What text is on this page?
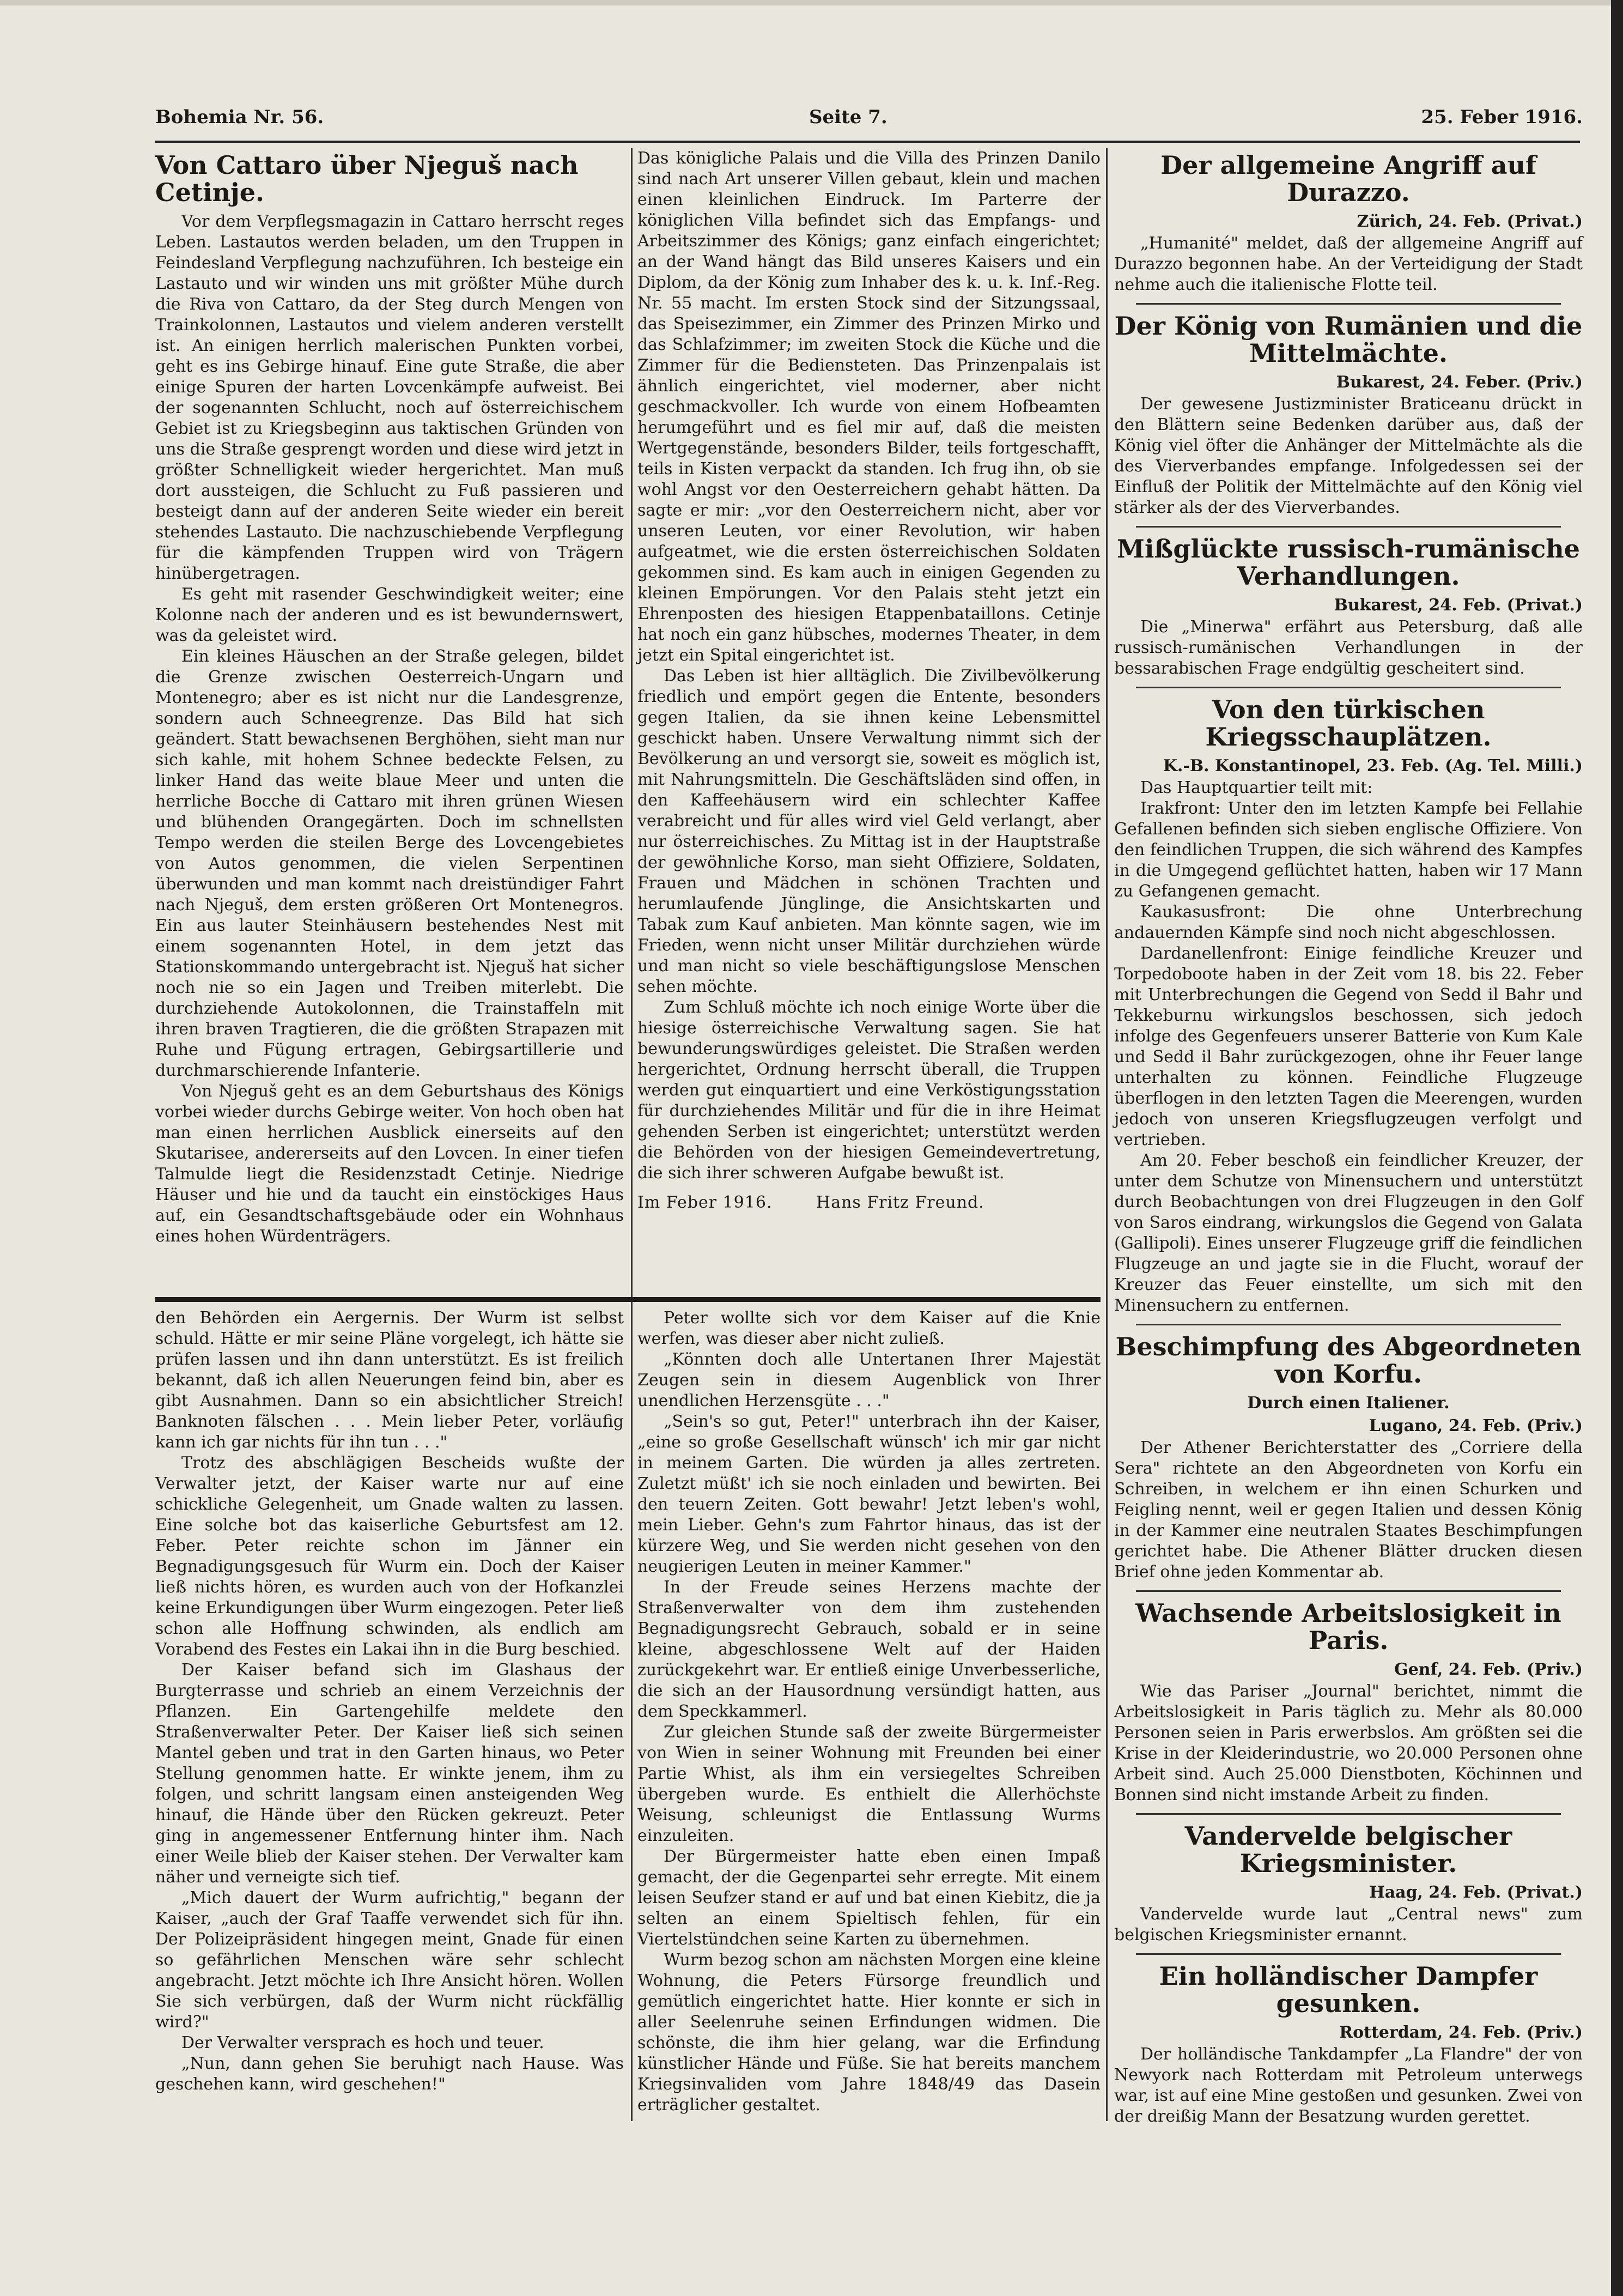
Bohemia Nr. 56.	Seite 7.	25. Feber 1916.
Von Cattaro über Njeguš nach Cetinje.

Vor dem Verpflegsmagazin in Cattaro herrscht reges Leben. Lastautos werden beladen, um den Truppen in Feindesland Verpflegung nachzuführen. Ich besteige ein Lastauto und wir winden uns mit größter Mühe durch die Riva von Cattaro, da der Steg durch Mengen von Trainkolonnen, Lastautos und vielem anderen verstellt ist. An einigen herrlich malerischen Punkten vorbei, geht es ins Gebirge hinauf. Eine gute Straße, die aber einige Spuren der harten Lovcenkämpfe aufweist. Bei der sogenannten Schlucht, noch auf österreichischem Gebiet ist zu Kriegsbeginn aus taktischen Gründen von uns die Straße gesprengt worden und diese wird jetzt in größter Schnelligkeit wieder hergerichtet. Man muß dort aussteigen, die Schlucht zu Fuß passieren und besteigt dann auf der anderen Seite wieder ein bereit stehendes Lastauto. Die nachzuschiebende Verpflegung für die kämpfenden Truppen wird von Trägern hinübergetragen.

Es geht mit rasender Geschwindigkeit weiter; eine Kolonne nach der anderen und es ist bewundernswert, was da geleistet wird.

Ein kleines Häuschen an der Straße gelegen, bildet die Grenze zwischen Oesterreich-Ungarn und Montenegro; aber es ist nicht nur die Landesgrenze, sondern auch Schneegrenze. Das Bild hat sich geändert. Statt bewachsenen Berghöhen, sieht man nur sich kahle, mit hohem Schnee bedeckte Felsen, zu linker Hand das weite blaue Meer und unten die herrliche Bocche di Cattaro mit ihren grünen Wiesen und blühenden Orangegärten. Doch im schnellsten Tempo werden die steilen Berge des Lovcengebietes von Autos genommen, die vielen Serpentinen überwunden und man kommt nach dreistündiger Fahrt nach Njeguš, dem ersten größeren Ort Montenegros. Ein aus lauter Steinhäusern bestehendes Nest mit einem sogenannten Hotel, in dem jetzt das Stationskommando untergebracht ist. Njeguš hat sicher noch nie so ein Jagen und Treiben miterlebt. Die durchziehende Autokolonnen, die Trainstaffeln mit ihren braven Tragtieren, die die größten Strapazen mit Ruhe und Fügung ertragen, Gebirgsartillerie und durchmarschierende Infanterie.

Von Njeguš geht es an dem Geburtshaus des Königs vorbei wieder durchs Gebirge weiter. Von hoch oben hat man einen herrlichen Ausblick einerseits auf den Skutarisee, andererseits auf den Lovcen. In einer tiefen Talmulde liegt die Residenzstadt Cetinje. Niedrige Häuser und hie und da taucht ein einstöckiges Haus auf, ein Gesandtschaftsgebäude oder ein Wohnhaus eines hohen Würdenträgers.

Das königliche Palais und die Villa des Prinzen Danilo sind nach Art unserer Villen gebaut, klein und machen einen kleinlichen Eindruck. Im Parterre der königlichen Villa befindet sich das Empfangs- und Arbeitszimmer des Königs; ganz einfach eingerichtet; an der Wand hängt das Bild unseres Kaisers und ein Diplom, da der König zum Inhaber des k. u. k. Inf.-Reg. Nr. 55 macht. Im ersten Stock sind der Sitzungssaal, das Speisezimmer, ein Zimmer des Prinzen Mirko und das Schlafzimmer; im zweiten Stock die Küche und die Zimmer für die Bediensteten. Das Prinzenpalais ist ähnlich eingerichtet, viel moderner, aber nicht geschmackvoller. Ich wurde von einem Hofbeamten herumgeführt und es fiel mir auf, daß die meisten Wertgegenstände, besonders Bilder, teils fortgeschafft, teils in Kisten verpackt da standen. Ich frug ihn, ob sie wohl Angst vor den Oesterreichern gehabt hätten. Da sagte er mir: „vor den Oesterreichern nicht, aber vor unseren Leuten, vor einer Revolution, wir haben aufgeatmet, wie die ersten österreichischen Soldaten gekommen sind. Es kam auch in einigen Gegenden zu kleinen Empörungen. Vor den Palais steht jetzt ein Ehrenposten des hiesigen Etappenbataillons. Cetinje hat noch ein ganz hübsches, modernes Theater, in dem jetzt ein Spital eingerichtet ist.

Das Leben ist hier alltäglich. Die Zivilbevölkerung friedlich und empört gegen die Entente, besonders gegen Italien, da sie ihnen keine Lebensmittel geschickt haben. Unsere Verwaltung nimmt sich der Bevölkerung an und versorgt sie, soweit es möglich ist, mit Nahrungsmitteln. Die Geschäftsläden sind offen, in den Kaffeehäusern wird ein schlechter Kaffee verabreicht und für alles wird viel Geld verlangt, aber nur österreichisches. Zu Mittag ist in der Hauptstraße der gewöhnliche Korso, man sieht Offiziere, Soldaten, Frauen und Mädchen in schönen Trachten und herumlaufende Jünglinge, die Ansichtskarten und Tabak zum Kauf anbieten. Man könnte sagen, wie im Frieden, wenn nicht unser Militär durchziehen würde und man nicht so viele beschäftigungslose Menschen sehen möchte.

Zum Schluß möchte ich noch einige Worte über die hiesige österreichische Verwaltung sagen. Sie hat bewunderungswürdiges geleistet. Die Straßen werden hergerichtet, Ordnung herrscht überall, die Truppen werden gut einquartiert und eine Verköstigungsstation für durchziehendes Militär und für die in ihre Heimat gehenden Serben ist eingerichtet; unterstützt werden die Behörden von der hiesigen Gemeindevertretung, die sich ihrer schweren Aufgabe bewußt ist.

Im Feber 1916.	Hans Fritz Freund.

den Behörden ein Aergernis. Der Wurm ist selbst schuld. Hätte er mir seine Pläne vorgelegt, ich hätte sie prüfen lassen und ihn dann unterstützt. Es ist freilich bekannt, daß ich allen Neuerungen feind bin, aber es gibt Ausnahmen. Dann so ein absichtlicher Streich! Banknoten fälschen . . . Mein lieber Peter, vorläufig kann ich gar nichts für ihn tun . . ."

Trotz des abschlägigen Bescheids wußte der Verwalter jetzt, der Kaiser warte nur auf eine schickliche Gelegenheit, um Gnade walten zu lassen. Eine solche bot das kaiserliche Geburtsfest am 12. Feber. Peter reichte schon im Jänner ein Begnadigungsgesuch für Wurm ein. Doch der Kaiser ließ nichts hören, es wurden auch von der Hofkanzlei keine Erkundigungen über Wurm eingezogen. Peter ließ schon alle Hoffnung schwinden, als endlich am Vorabend des Festes ein Lakai ihn in die Burg beschied.

Der Kaiser befand sich im Glashaus der Burgterrasse und schrieb an einem Verzeichnis der Pflanzen. Ein Gartengehilfe meldete den Straßenverwalter Peter. Der Kaiser ließ sich seinen Mantel geben und trat in den Garten hinaus, wo Peter Stellung genommen hatte. Er winkte jenem, ihm zu folgen, und schritt langsam einen ansteigenden Weg hinauf, die Hände über den Rücken gekreuzt. Peter ging in angemessener Entfernung hinter ihm. Nach einer Weile blieb der Kaiser stehen. Der Verwalter kam näher und verneigte sich tief.

„Mich dauert der Wurm aufrichtig," begann der Kaiser, „auch der Graf Taaffe verwendet sich für ihn. Der Polizeipräsident hingegen meint, Gnade für einen so gefährlichen Menschen wäre sehr schlecht angebracht. Jetzt möchte ich Ihre Ansicht hören. Wollen Sie sich verbürgen, daß der Wurm nicht rückfällig wird?"

Der Verwalter versprach es hoch und teuer.

„Nun, dann gehen Sie beruhigt nach Hause. Was geschehen kann, wird geschehen!"

Peter wollte sich vor dem Kaiser auf die Knie werfen, was dieser aber nicht zuließ.

„Könnten doch alle Untertanen Ihrer Majestät Zeugen sein in diesem Augenblick von Ihrer unendlichen Herzensgüte . . ."

„Sein's so gut, Peter!" unterbrach ihn der Kaiser, „eine so große Gesellschaft wünsch' ich mir gar nicht in meinem Garten. Die würden ja alles zertreten. Zuletzt müßt' ich sie noch einladen und bewirten. Bei den teuern Zeiten. Gott bewahr! Jetzt leben's wohl, mein Lieber. Gehn's zum Fahrtor hinaus, das ist der kürzere Weg, und Sie werden nicht gesehen von den neugierigen Leuten in meiner Kammer."

In der Freude seines Herzens machte der Straßenverwalter von dem ihm zustehenden Begnadigungsrecht Gebrauch, sobald er in seine kleine, abgeschlossene Welt auf der Haiden zurückgekehrt war. Er entließ einige Unverbesserliche, die sich an der Hausordnung versündigt hatten, aus dem Speckkammerl.

Zur gleichen Stunde saß der zweite Bürgermeister von Wien in seiner Wohnung mit Freunden bei einer Partie Whist, als ihm ein versiegeltes Schreiben übergeben wurde. Es enthielt die Allerhöchste Weisung, schleunigst die Entlassung Wurms einzuleiten.

Der Bürgermeister hatte eben einen Impaß gemacht, der die Gegenpartei sehr erregte. Mit einem leisen Seufzer stand er auf und bat einen Kiebitz, die ja selten an einem Spieltisch fehlen, für ein Viertelstündchen seine Karten zu übernehmen.

Wurm bezog schon am nächsten Morgen eine kleine Wohnung, die Peters Fürsorge freundlich und gemütlich eingerichtet hatte. Hier konnte er sich in aller Seelenruhe seinen Erfindungen widmen. Die schönste, die ihm hier gelang, war die Erfindung künstlicher Hände und Füße. Sie hat bereits manchem Kriegsinvaliden vom Jahre 1848/49 das Dasein erträglicher gestaltet.

Der allgemeine Angriff auf Durazzo.

Zürich, 24. Feb. (Privat.)

„Humanité" meldet, daß der allgemeine Angriff auf Durazzo begonnen habe. An der Verteidigung der Stadt nehme auch die italienische Flotte teil.

Der König von Rumänien und die Mittelmächte.

Bukarest, 24. Feber. (Priv.)

Der gewesene Justizminister Braticeanu drückt in den Blättern seine Bedenken darüber aus, daß der König viel öfter die Anhänger der Mittelmächte als die des Vierverbandes empfange. Infolgedessen sei der Einfluß der Politik der Mittelmächte auf den König viel stärker als der des Vierverbandes.

Mißglückte russisch-rumänische Verhandlungen.

Bukarest, 24. Feb. (Privat.)

Die „Minerwa" erfährt aus Petersburg, daß alle russisch-rumänischen Verhandlungen in der bessarabischen Frage endgültig gescheitert sind.

Von den türkischen Kriegsschauplätzen.

K.-B. Konstantinopel, 23. Feb. (Ag. Tel. Milli.)

Das Hauptquartier teilt mit:

Irakfront: Unter den im letzten Kampfe bei Fellahie Gefallenen befinden sich sieben englische Offiziere. Von den feindlichen Truppen, die sich während des Kampfes in die Umgegend geflüchtet hatten, haben wir 17 Mann zu Gefangenen gemacht.

Kaukasusfront: Die ohne Unterbrechung andauernden Kämpfe sind noch nicht abgeschlossen.

Dardanellenfront: Einige feindliche Kreuzer und Torpedoboote haben in der Zeit vom 18. bis 22. Feber mit Unterbrechungen die Gegend von Sedd il Bahr und Tekkeburnu wirkungslos beschossen, sich jedoch infolge des Gegenfeuers unserer Batterie von Kum Kale und Sedd il Bahr zurückgezogen, ohne ihr Feuer lange unterhalten zu können. Feindliche Flugzeuge überflogen in den letzten Tagen die Meerengen, wurden jedoch von unseren Kriegsflugzeugen verfolgt und vertrieben.

Am 20. Feber beschoß ein feindlicher Kreuzer, der unter dem Schutze von Minensuchern und unterstützt durch Beobachtungen von drei Flugzeugen in den Golf von Saros eindrang, wirkungslos die Gegend von Galata (Gallipoli). Eines unserer Flugzeuge griff die feindlichen Flugzeuge an und jagte sie in die Flucht, worauf der Kreuzer das Feuer einstellte, um sich mit den Minensuchern zu entfernen.

Beschimpfung des Abgeordneten von Korfu.

Durch einen Italiener.

Lugano, 24. Feb. (Priv.)

Der Athener Berichterstatter des „Corriere della Sera" richtete an den Abgeordneten von Korfu ein Schreiben, in welchem er ihn einen Schurken und Feigling nennt, weil er gegen Italien und dessen König in der Kammer eine neutralen Staates Beschimpfungen gerichtet habe. Die Athener Blätter drucken diesen Brief ohne jeden Kommentar ab.

Wachsende Arbeitslosigkeit in Paris.

Genf, 24. Feb. (Priv.)

Wie das Pariser „Journal" berichtet, nimmt die Arbeitslosigkeit in Paris täglich zu. Mehr als 80.000 Personen seien in Paris erwerbslos. Am größten sei die Krise in der Kleiderindustrie, wo 20.000 Personen ohne Arbeit sind. Auch 25.000 Dienstboten, Köchinnen und Bonnen sind nicht imstande Arbeit zu finden.

Vandervelde belgischer Kriegsminister.

Haag, 24. Feb. (Privat.)

Vandervelde wurde laut „Central news" zum belgischen Kriegsminister ernannt.

Ein holländischer Dampfer gesunken.

Rotterdam, 24. Feb. (Priv.)

Der holländische Tankdampfer „La Flandre" der von Newyork nach Rotterdam mit Petroleum unterwegs war, ist auf eine Mine gestoßen und gesunken. Zwei von der dreißig Mann der Besatzung wurden gerettet.
